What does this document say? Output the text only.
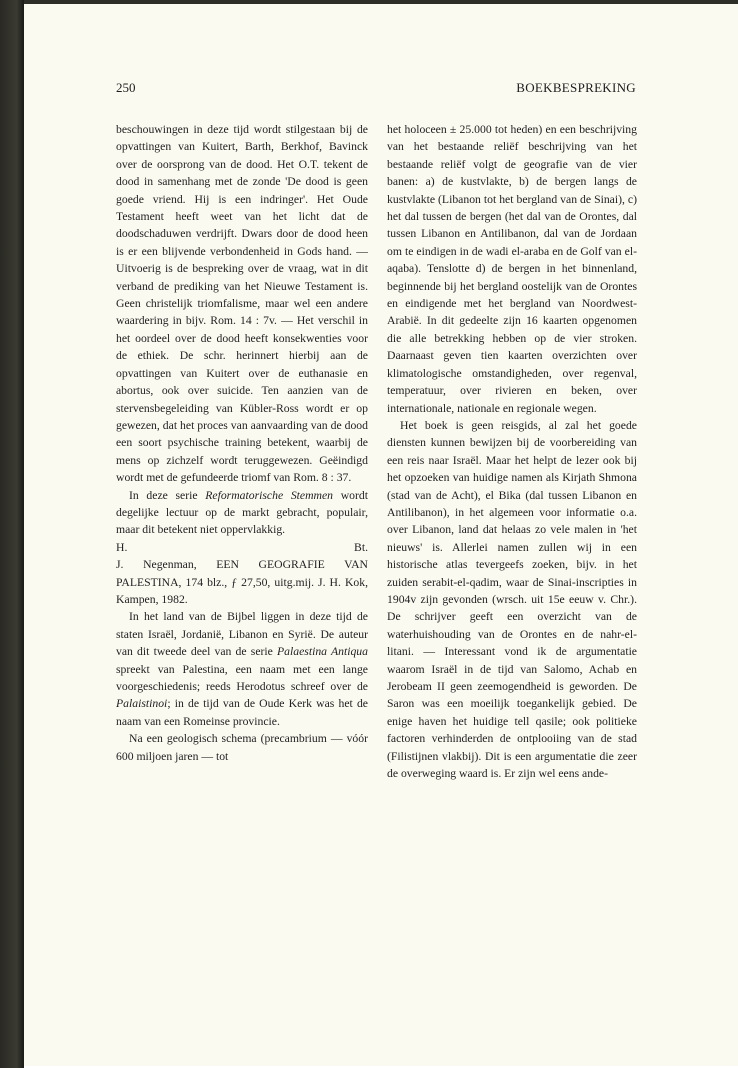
250	BOEKBESPREKING

beschouwingen in deze tijd wordt stilgestaan bij de opvattingen van Kuitert, Barth, Berkhof, Bavinck over de oorsprong van de dood. Het O.T. tekent de dood in samenhang met de zonde 'De dood is geen goede vriend. Hij is een indringer'. Het Oude Testament heeft weet van het licht dat de doodschaduwen verdrijft. Dwars door de dood heen is er een blijvende verbondenheid in Gods hand. — Uitvoerig is de bespreking over de vraag, wat in dit verband de prediking van het Nieuwe Testament is. Geen christelijk triomfalisme, maar wel een andere waardering in bijv. Rom. 14 : 7v. — Het verschil in het oordeel over de dood heeft konsekwenties voor de ethiek. De schr. herinnert hierbij aan de opvattingen van Kuitert over de euthanasie en abortus, ook over suicide. Ten aanzien van de stervensbegeleiding van Kübler-Ross wordt er op gewezen, dat het proces van aanvaarding van de dood een soort psychische training betekent, waarbij de mens op zichzelf wordt teruggewezen. Geëindigd wordt met de gefundeerde triomf van Rom. 8 : 37.

In deze serie Reformatorische Stemmen wordt degelijke lectuur op de markt gebracht, populair, maar dit betekent niet oppervlakkig.

H.	Bt.

J. Negenman, EEN GEOGRAFIE VAN PALESTINA, 174 blz., ƒ 27,50, uitg.mij. J. H. Kok, Kampen, 1982.

In het land van de Bijbel liggen in deze tijd de staten Israël, Jordanië, Libanon en Syrië. De auteur van dit tweede deel van de serie Palaestina Antiqua spreekt van Palestina, een naam met een lange voorgeschiedenis; reeds Herodotus schreef over de Palaistinoi; in de tijd van de Oude Kerk was het de naam van een Romeinse provincie.

Na een geologisch schema (precambrium — vóór 600 miljoen jaren — tot

het holoceen ± 25.000 tot heden) en een beschrijving van het bestaande reliëf beschrijving van het bestaande reliëf volgt de geografie van de vier banen: a) de kustvlakte, b) de bergen langs de kustvlakte (Libanon tot het bergland van de Sinai), c) het dal tussen de bergen (het dal van de Orontes, dal tussen Libanon en Antilibanon, dal van de Jordaan om te eindigen in de wadi el-araba en de Golf van el-aqaba). Tenslotte d) de bergen in het binnenland, beginnende bij het bergland oostelijk van de Orontes en eindigende met het bergland van Noordwest-Arabië. In dit gedeelte zijn 16 kaarten opgenomen die alle betrekking hebben op de vier stroken. Daarnaast geven tien kaarten overzichten over klimatologische omstandigheden, over regenval, temperatuur, over rivieren en beken, over internationale, nationale en regionale wegen.

Het boek is geen reisgids, al zal het goede diensten kunnen bewijzen bij de voorbereiding van een reis naar Israël. Maar het helpt de lezer ook bij het opzoeken van huidige namen als Kirjath Shmona (stad van de Acht), el Bika (dal tussen Libanon en Antilibanon), in het algemeen voor informatie o.a. over Libanon, land dat helaas zo vele malen in 'het nieuws' is. Allerlei namen zullen wij in een historische atlas tevergeefs zoeken, bijv. in het zuiden serabit-el-qadim, waar de Sinai-inscripties in 1904v zijn gevonden (wrsch. uit 15e eeuw v. Chr.). De schrijver geeft een overzicht van de waterhuishouding van de Orontes en de nahr-el-litani. — Interessant vond ik de argumentatie waarom Israël in de tijd van Salomo, Achab en Jerobeam II geen zeemogendheid is geworden. De Saron was een moeilijk toegankelijk gebied. De enige haven het huidige tell qasile; ook politieke factoren verhinderden de ontplooiing van de stad (Filistijnen vlakbij). Dit is een argumentatie die zeer de overweging waard is. Er zijn wel eens ande-
